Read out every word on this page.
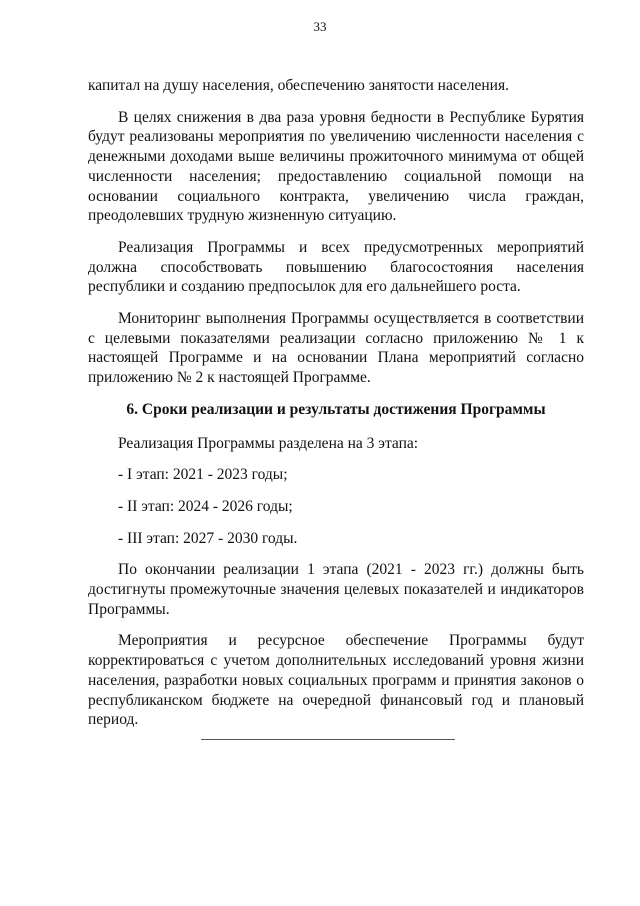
33

капитал на душу населения, обеспечению занятости населения.

В целях снижения в два раза уровня бедности в Республике Бурятия будут реализованы мероприятия по увеличению численности населения с денежными доходами выше величины прожиточного минимума от общей численности населения; предоставлению социальной помощи на основании социального контракта, увеличению числа граждан, преодолевших трудную жизненную ситуацию.

Реализация Программы и всех предусмотренных мероприятий должна способствовать повышению благосостояния населения республики и созданию предпосылок для его дальнейшего роста.

Мониторинг выполнения Программы осуществляется в соответствии с целевыми показателями реализации согласно приложению № 1 к настоящей Программе и на основании Плана мероприятий согласно приложению № 2 к настоящей Программе.

6. Сроки реализации и результаты достижения Программы

Реализация Программы разделена на 3 этапа:

- I этап: 2021 - 2023 годы;

- II этап: 2024 - 2026 годы;

- III этап: 2027 - 2030 годы.

По окончании реализации 1 этапа (2021 - 2023 гг.) должны быть достигнуты промежуточные значения целевых показателей и индикаторов Программы.

Мероприятия и ресурсное обеспечение Программы будут корректироваться с учетом дополнительных исследований уровня жизни населения, разработки новых социальных программ и принятия законов о республиканском бюджете на очередной финансовый год и плановый период.
